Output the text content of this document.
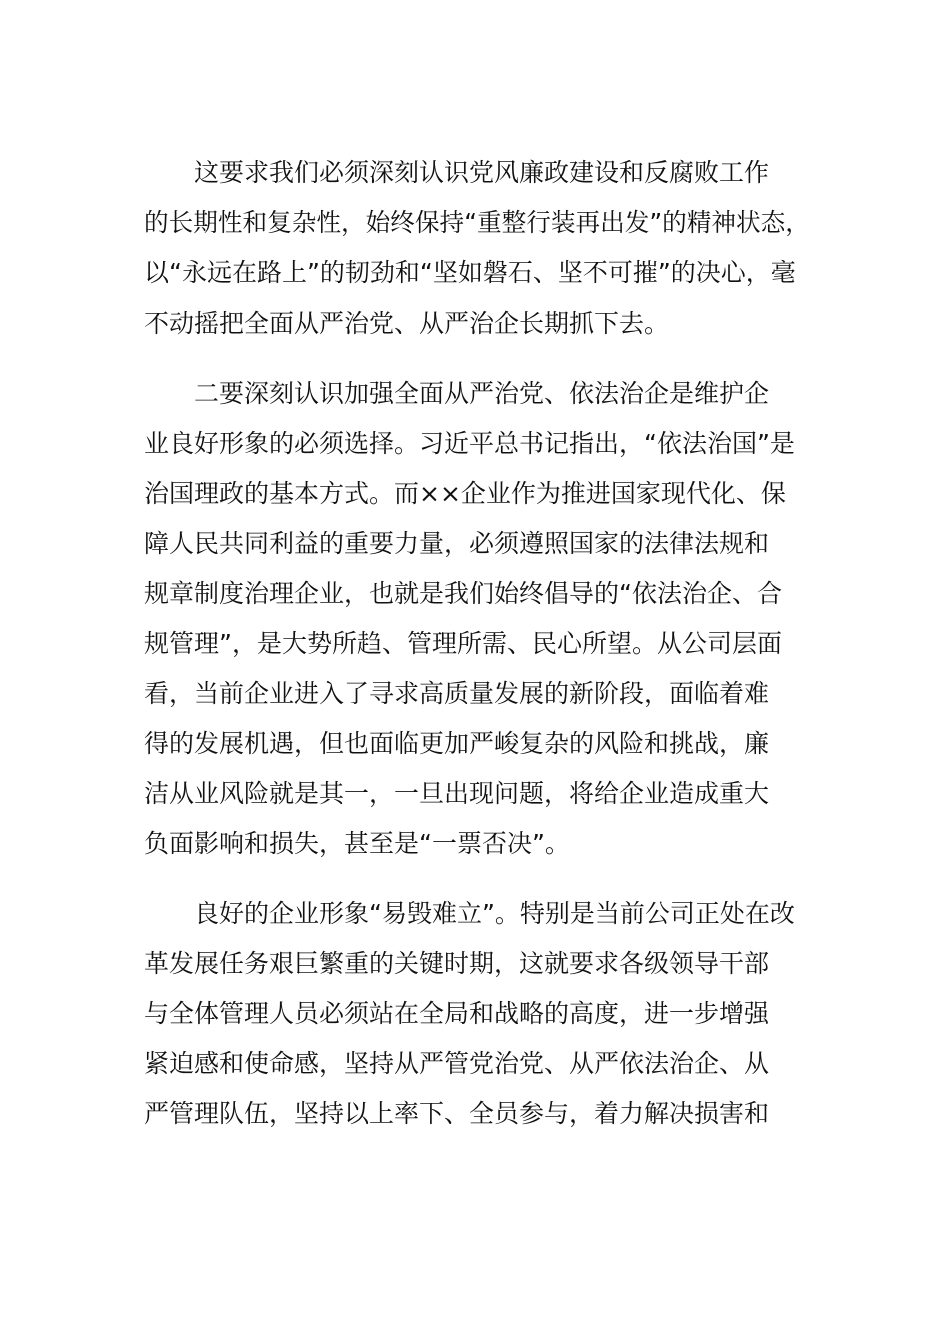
这要求我们必须深刻认识党风廉政建设和反腐败工作
的长期性和复杂性，始终保持“重整行装再出发”的精神状态，
以“永远在路上”的韧劲和“坚如磐石、坚不可摧”的决心，毫
不动摇把全面从严治党、从严治企长期抓下去。
二要深刻认识加强全面从严治党、依法治企是维护企
业良好形象的必须选择。习近平总书记指出，“依法治国”是
治国理政的基本方式。而××企业作为推进国家现代化、保
障人民共同利益的重要力量，必须遵照国家的法律法规和
规章制度治理企业，也就是我们始终倡导的“依法治企、合
规管理”，是大势所趋、管理所需、民心所望。从公司层面
看，当前企业进入了寻求高质量发展的新阶段，面临着难
得的发展机遇，但也面临更加严峻复杂的风险和挑战，廉
洁从业风险就是其一，一旦出现问题，将给企业造成重大
负面影响和损失，甚至是“一票否决”。
良好的企业形象“易毁难立”。特别是当前公司正处在改
革发展任务艰巨繁重的关键时期，这就要求各级领导干部
与全体管理人员必须站在全局和战略的高度，进一步增强
紧迫感和使命感，坚持从严管党治党、从严依法治企、从
严管理队伍，坚持以上率下、全员参与，着力解决损害和
